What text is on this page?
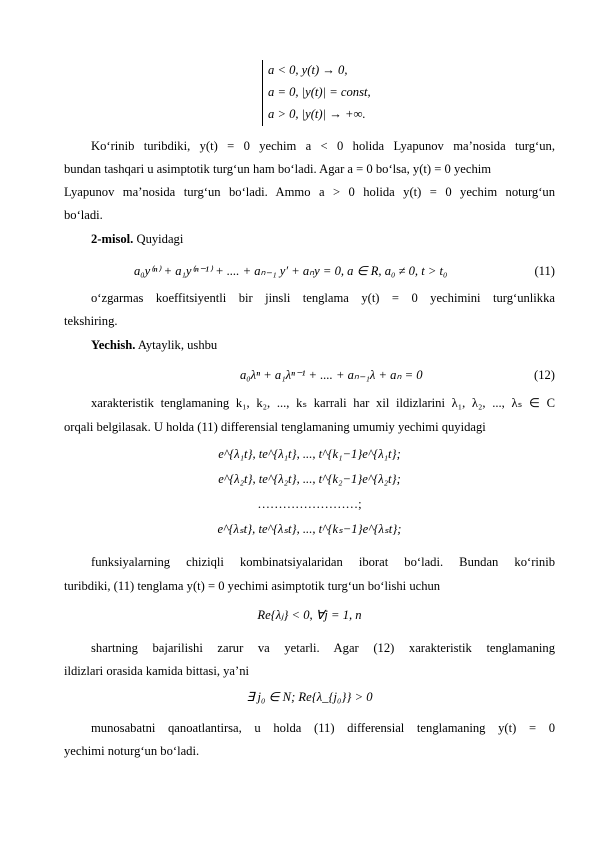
a < 0, y(t) → 0,
a = 0, |y(t)| = const,
a > 0, |y(t)| → +∞.
Ko‘rinib turibdiki, y(t) = 0 yechim a < 0 holida Lyapunov ma’nosida turg‘un,
bundan tashqari u asimptotik turg‘un ham bo‘ladi. Agar a = 0 bo‘lsa, y(t) = 0 yechim
Lyapunov ma’nosida turg‘un bo‘ladi. Ammo a > 0 holida y(t) = 0 yechim noturg‘un
bo‘ladi.
2-misol. Quyidagi
a₀y⁽ⁿ⁾ + a₁y⁽ⁿ⁻¹⁾ + .... + aₙ₋₁ y′ + aₙy = 0, a ∈ R, a₀ ≠ 0, t > t₀	(11)
o‘zgarmas koeffitsiyentli bir jinsli tenglama y(t) = 0 yechimini turg‘unlikka
tekshiring.
Yechish. Aytaylik, ushbu
a₀λⁿ + a₁λⁿ⁻¹ + .... + aₙ₋₁λ + aₙ = 0	(12)
xarakteristik tenglamaning k₁, k₂, ..., kₛ karrali har xil ildizlarini λ₁, λ₂, ..., λₛ ∈ C
orqali belgilasak. U holda (11) differensial tenglamaning umumiy yechimi quyidagi
e^{λ₁t}, te^{λ₁t}, ..., t^{k₁−1}e^{λ₁t};
e^{λ₂t}, te^{λ₂t}, ..., t^{k₂−1}e^{λ₂t};
……………………;
e^{λₛt}, te^{λₛt}, ..., t^{kₛ−1}e^{λₛt};
funksiyalarning chiziqli kombinatsiyalaridan iborat bo‘ladi. Bundan ko‘rinib
turibdiki, (11) tenglama y(t) = 0 yechimi asimptotik turg‘un bo‘lishi uchun
Re{λⱼ} < 0, ∀j = 1, n
shartning bajarilishi zarur va yetarli. Agar (12) xarakteristik tenglamaning
ildizlari orasida kamida bittasi, ya’ni
∃ j₀ ∈ N; Re{λ_{j₀}} > 0
munosabatni qanoatlantirsa, u holda (11) differensial tenglamaning y(t) = 0
yechimi noturg‘un bo‘ladi.
